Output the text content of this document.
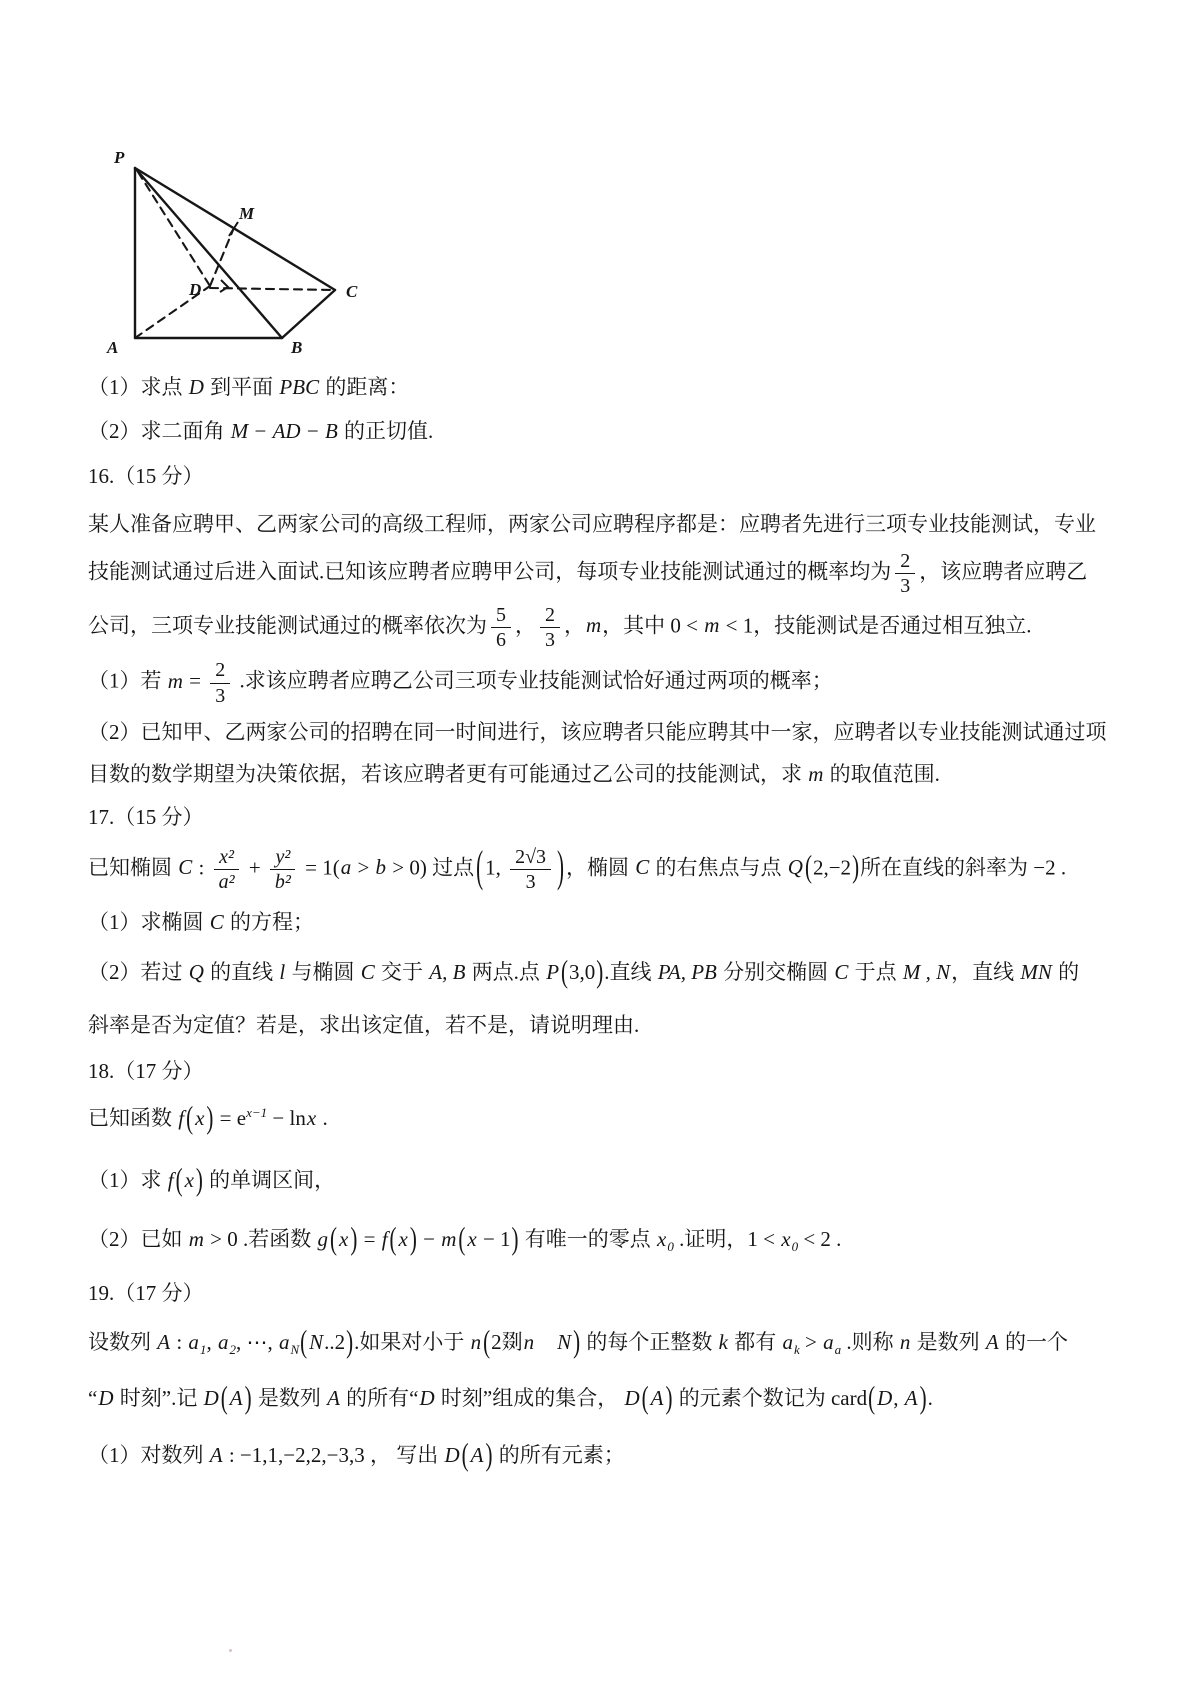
P
A	B
C
M
D

（1）求点 D 到平面 PBC 的距离：

（2）求二面角 M − AD − B 的正切值.

16.（15 分）

某人准备应聘甲、乙两家公司的高级工程师，两家公司应聘程序都是：应聘者先进行三项专业技能测试，专业

技能测试通过后进入面试.已知该应聘者应聘甲公司，每项专业技能测试通过的概率均为 $\frac{2}{3}$ ，该应聘者应聘乙

公司，三项专业技能测试通过的概率依次为 $\frac{5}{6}$ ， $\frac{2}{3}$ ，m，其中 0 < m < 1，技能测试是否通过相互独立.

（1）若 $m = \frac{2}{3}$ .求该应聘者应聘乙公司三项专业技能测试恰好通过两项的概率；

（2）已知甲、乙两家公司的招聘在同一时间进行，该应聘者只能应聘其中一家，应聘者以专业技能测试通过项

目数的数学期望为决策依据，若该应聘者更有可能通过乙公司的技能测试，求 m 的取值范围.

17.（15 分）

已知椭圆 C : $\frac{\text{x²}}{\text{a²}} + \frac{\text{y²}}{\text{b²}} = 1(a > b > 0)$ 过点(1, $\frac{2√3}{3}$ )，椭圆 C 的右焦点与点 Q(2,−2)所在直线的斜率为 −2 .

（1）求椭圆 C 的方程；

（2）若过 Q 的直线 l 与椭圆 C 交于 A, B 两点.点 P(3,0).直线 PA, PB 分别交椭圆 C 于点 M , N，直线 MN 的

斜率是否为定值？若是，求出该定值，若不是，请说明理由.

18.（17 分）

已知函数 $f(x) = e^{x-1} - \ln x$ .

（1）求 f(x) 的单调区间，

（2）已如 m > 0 .若函数 g(x) = f(x) − m(x − 1) 有唯一的零点 $x_0$ .证明，$1 < x_0 < 2$ .

19.（17 分）

设数列 A : $a_1$, $a_2$, ⋯, $a_N(N..2)$.如果对小于 n(2剟n　 N) 的每个正整数 k 都有 $a_k > a_a$ .则称 n 是数列 A 的一个

“D 时刻”.记 D(A) 是数列 A 的所有“D 时刻”组成的集合， D(A) 的元素个数记为 card(D, A).

（1）对数列 A : −1,1,−2,2,−3,3 ， 写出 D(A) 的所有元素；
